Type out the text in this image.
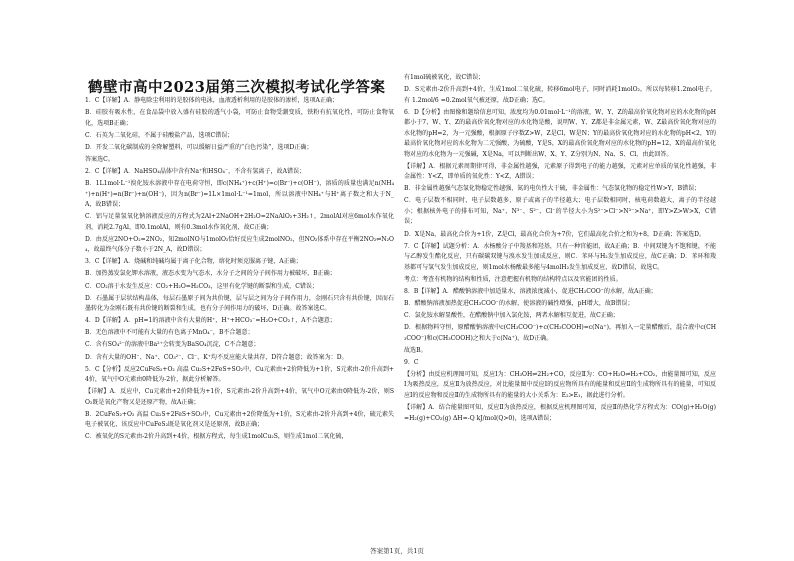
鹤壁市高中2023届第三次模拟考试化学答案

1．C【详解】A．静电除尘利用的是胶体的电泳，血液透析利用的是胶体的渗析，选项A正确；

B．硅胶有吸水性，在食品袋中放入盛有硅胶的透气小袋，可防止食物受潮变质，铁粉有抗氧化性，可防止食物氧化，选项B正确；

C．石英为二氧化硅，不属于硅酸盐产品，选项C错误；

D．开发二氧化碳制成的全降解塑料，可以缓解日益严重的“白色污染”，选项D正确；

答案选C。

2．C【详解】A．NaHSO₄晶体中含有Na⁺和HSO₄⁻，不含有氢离子，故A错误；

B．1L1mol·L⁻¹溴化铵水溶液中存在电荷守恒，即c(NH₄⁺)+c(H⁺)=c(Br⁻)+c(OH⁻)，溶质的质量也满足n(NH₄⁺)+n(H⁺)=n(Br⁻)+n(OH⁻)，因为n(Br⁻)=1L×1mol·L⁻¹=1mol，所以溶液中NH₄⁺与H⁺离子数之和大于N_A，故B错误；

C．铝与足量氢氧化钠溶液反应的方程式为2Al+2NaOH+2H₂O=2NaAlO₂+3H₂↑，2molAl对应6mol水作氧化剂，消耗2.7gAl，即0.1molAl，则有0.3mol水作氧化剂，故C正确；

D．由反应2NO+O₂=2NO₂，知2molNO与1molO₂恰好反应生成2molNO₂，但NO₂体系中存在平衡2NO₂⇌N₂O₄，故最终气体分子数小于2N_A，故D错误；

3．C【详解】A．烧碱和纯碱均属于离子化合物，熔化时须克服离子键，A正确；

B．加热蒸发氯化钾水溶液，液态水变为气态水，水分子之间的分子间作用力被破坏，B正确；

C．CO₂溶于水发生反应：CO₂+H₂O=H₂CO₃，这里有化学键的断裂和生成，C错误；

D．石墨属于层状结构晶体，每层石墨原子间为共价键，层与层之间为分子间作用力，金刚石只含有共价键，因而石墨转化为金刚石既有共价键的断裂和生成，也有分子间作用力的破坏，D正确。故答案选C。

4．D【详解】A．pH=1的溶液中含有大量的H⁺，H⁺+HCO₃⁻=H₂O+CO₂↑，A不合题意；

B．无色溶液中不可能有大量的有色离子MnO₄⁻，B不合题意；

C．含有SO₄²⁻的溶液中Ba²⁺会转变为BaSO₄沉淀，C不合题意；

D．含有大量的OH⁻、Na⁺、CO₃²⁻、Cl⁻、K⁺均不反应能大量共存，D符合题意；故答案为：D。

5．C【分析】反应2CuFeS₂+O₂ 高温 Cu₂S+2FeS+SO₂中，Cu元素由+2价降低为+1价，S元素由-2价升高到+4价，氧气中O元素由0降低为-2价，据此分析解答。

【详解】A．反应中，Cu元素由+2价降低为+1价，S元素由-2价升高到+4价，氧气中O元素由0降低为-2价，则SO₂既是氧化产物又是还原产物，故A正确；

B．2CuFeS₂+O₂ 高温 Cu₂S+2FeS+SO₂中，Cu元素由+2价降低为+1价，S元素由-2价升高到+4价，硫元素失电子被氧化，该反应中CuFeS₂既是氧化剂又是还原剂，故B正确；

C．被氧化的S元素由-2价升高到+4价，根据方程式，每生成1molCu₂S，则生成1mol二氧化硫，

有1mol硫被氧化，故C错误；

D．S元素由-2价升高到+4价，生成1mol二氧化硫，转移6mol电子，同时消耗1molO₂，所以每转移1.2mol电子，有 1.2mol/6 =0.2mol氧气被还原，故D正确；选C。

6．D【分析】由图像和题给信息可知，浓度均为0.01mol·L⁻¹的溶液，W、Y、Z的最高价氧化物对应的水化物的pH都小于7，W、Y、Z的最高价氧化物对应的水化物是酸，说明W、Y、Z都是非金属元素，W、Z最高价氧化物对应的水化物的pH=2，为一元强酸，根据原子序数Z>W，Z是Cl，W是N；Y的最高价氧化物对应的水化物的pH<2，Y的最高价氧化物对应的水化物为二元强酸，为硫酸，Y是S，X的最高价氧化物对应的水化物的pH=12，X的最高价氧化物对应的水化物为一元强碱，X是Na，可以判断出W、X、Y、Z分别为N、Na、S、Cl，由此回答。

【详解】A．根据元素周期律可得，非金属性越强，元素原子得到电子的能力越强，元素对应单质的氧化性越强，非金属性：Y<Z，即单质的氧化性：Y<Z，A错误；

B．非金属性越强气态氢化物稳定性越强，氮的电负性大于硫，非金属性：气态氢化物的稳定性W>Y，B错误；

C．电子层数不相同时，电子层数越多，原子或离子的半径越大；电子层数相同时，核电荷数越大，离子的半径越小；根据核外电子的排布可知，Na⁺、N³⁻、S²⁻、Cl⁻的半径大小为S²⁻>Cl⁻>N³⁻>Na⁺，即Y>Z>W>X，C错误；

D．X是Na，最高化合价为+1价，Z是Cl，最高化合价为+7价，它们最高化合价之和为+8，D正确；答案选D。

7．C【详解】试题分析：A．水杨酸分子中羧基和羟基，只有一种官能团，故A正确；B．中间双键为不饱和键，不能与乙醇发生酯化反应，只有碳碳双键与溴水发生加成反应，则C．苯环与H₂发生加成反应，故C正确；D．苯环和羧基都可与氢气发生加成反应，则1mol水杨酸最多能与4molH₂发生加成反应，故D错误，故选C。

考点：考查有机物的结构和性质，注意把握有机物的结构特点以及官能团的性质。

8．B【详解】A．醋酸钠溶液中加适量水，溶液浓度减小，促进CH₃COO⁻的水解，故A正确；

B．醋酸钠溶液加热促进CH₃COO⁻的水解，使溶液的碱性增强，pH增大，故B错误；

C．氯化铵水解显酸性，在醋酸钠中加入氯化铵，两者水解相互促进，故C正确；

D．根据物料守恒，原醋酸钠溶液中c(CH₃COO⁻)+c(CH₃COOH)=c(Na⁺)，再加入一定量醋酸后，混合液中c(CH₃COO⁻)和c(CH₃COOH)之和大于c(Na⁺)，故D正确。

故选B。

9．C

【分析】由反应机理图可知，反应Ⅰ为：CH₃OH⇌2H₂+CO，反应Ⅱ为：CO+H₂O⇌H₂+CO₂，由能量图可知，反应Ⅰ为吸热反应，反应Ⅱ为放热反应，对比能量图中反应Ⅰ的反应物所具有的能量和反应Ⅱ的生成物所具有的能量，可知反应Ⅰ的反应物和反应Ⅱ的生成物所具有的能量的大小关系为：E₂>E₁，据此进行分析。

【详解】A．结合能量图可知，反应Ⅱ为放热反应，根据反应机理图可知，反应Ⅱ的热化学方程式为：CO(g)+H₂O(g)=H₂(g)+CO₂(g) ΔH=-Q kJ/mol(Q>0)，选项A错误；

答案第1页，共1页
